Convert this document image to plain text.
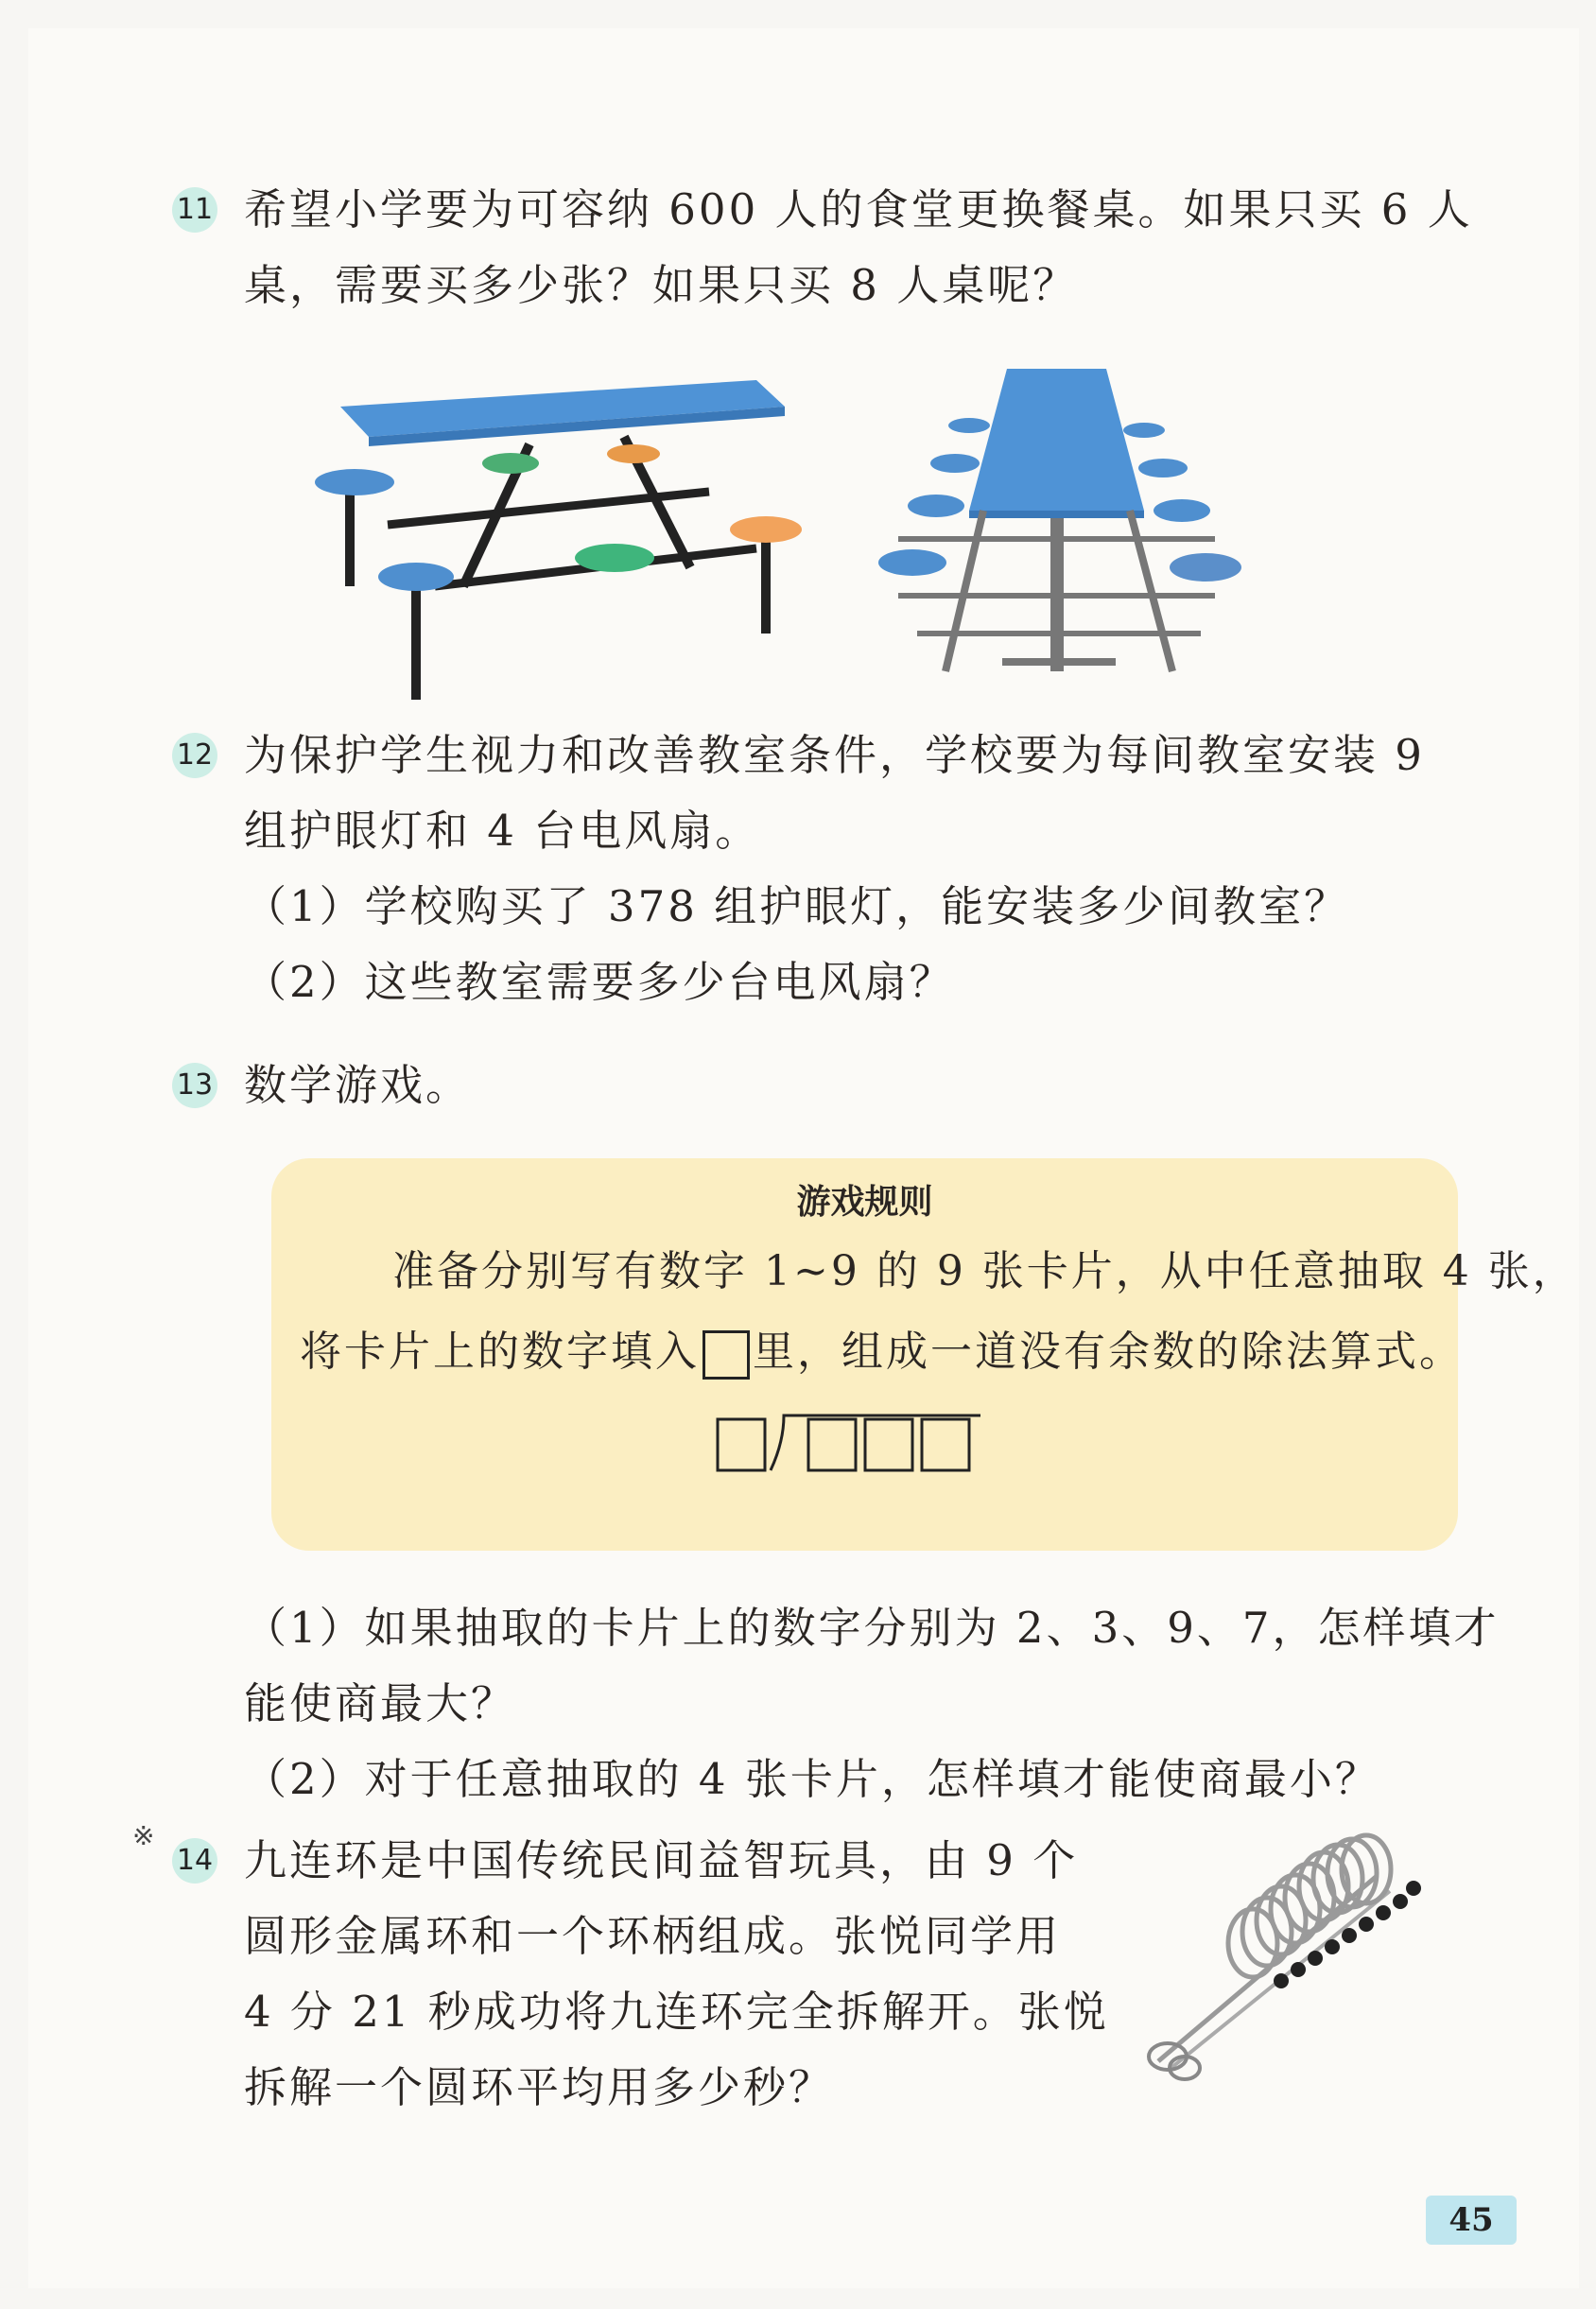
11 希望小学要为可容纳 600 人的食堂更换餐桌。如果只买 6 人
桌，需要买多少张？如果只买 8 人桌呢？
12 为保护学生视力和改善教室条件，学校要为每间教室安装 9
组护眼灯和 4 台电风扇。
（1）学校购买了 378 组护眼灯，能安装多少间教室？
（2）这些教室需要多少台电风扇？
13 数学游戏。
游戏规则
准备分别写有数字 1~9 的 9 张卡片，从中任意抽取 4 张，
将卡片上的数字填入 里，组成一道没有余数的除法算式。
（1）如果抽取的卡片上的数字分别为 2、3、9、7，怎样填才
能使商最大？
（2）对于任意抽取的 4 张卡片，怎样填才能使商最小？
※
14 九连环是中国传统民间益智玩具，由 9 个
圆形金属环和一个环柄组成。张悦同学用
4 分 21 秒成功将九连环完全拆解开。张悦
拆解一个圆环平均用多少秒？
45
